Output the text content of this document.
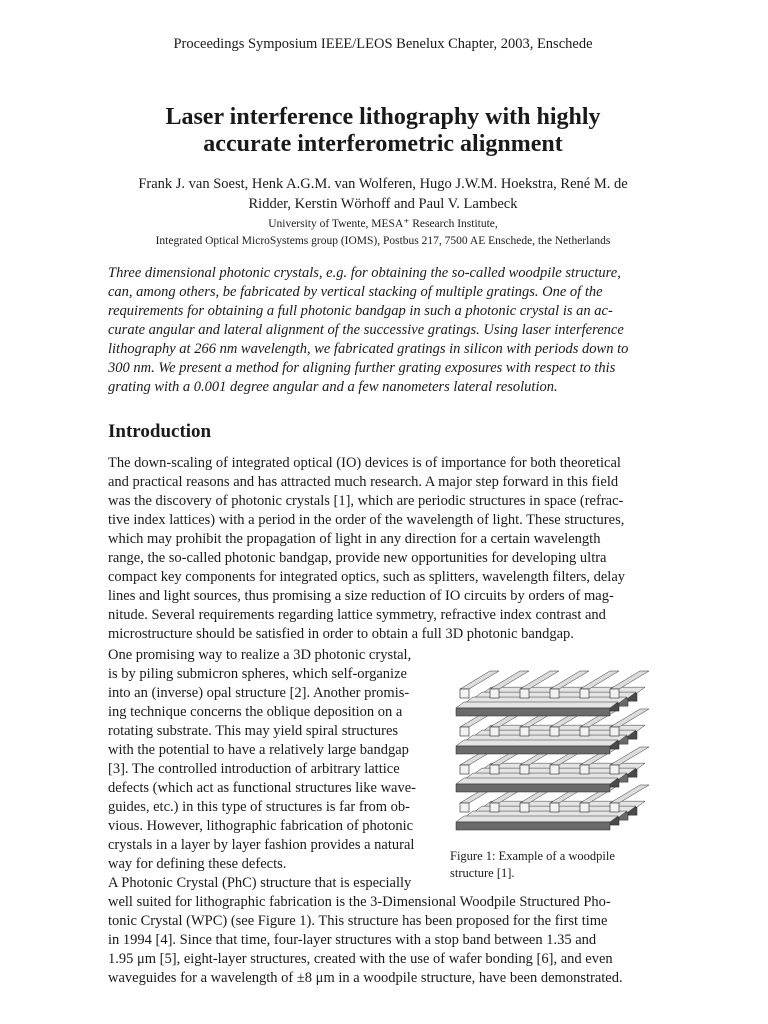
Proceedings Symposium IEEE/LEOS Benelux Chapter, 2003, Enschede
Laser interference lithography with highly
accurate interferometric alignment
Frank J. van Soest, Henk A.G.M. van Wolferen, Hugo J.W.M. Hoekstra, René M. de
Ridder, Kerstin Wörhoff and Paul V. Lambeck
University of Twente, MESA⁺ Research Institute,
Integrated Optical MicroSystems group (IOMS), Postbus 217, 7500 AE Enschede, the Netherlands
Three dimensional photonic crystals, e.g. for obtaining the so-called woodpile structure,
can, among others, be fabricated by vertical stacking of multiple gratings. One of the
requirements for obtaining a full photonic bandgap in such a photonic crystal is an ac-
curate angular and lateral alignment of the successive gratings. Using laser interference
lithography at 266 nm wavelength, we fabricated gratings in silicon with periods down to
300 nm. We present a method for aligning further grating exposures with respect to this
grating with a 0.001 degree angular and a few nanometers lateral resolution.
Introduction
The down-scaling of integrated optical (IO) devices is of importance for both theoretical
and practical reasons and has attracted much research. A major step forward in this field
was the discovery of photonic crystals [1], which are periodic structures in space (refrac-
tive index lattices) with a period in the order of the wavelength of light. These structures,
which may prohibit the propagation of light in any direction for a certain wavelength
range, the so-called photonic bandgap, provide new opportunities for developing ultra
compact key components for integrated optics, such as splitters, wavelength filters, delay
lines and light sources, thus promising a size reduction of IO circuits by orders of mag-
nitude. Several requirements regarding lattice symmetry, refractive index contrast and
microstructure should be satisfied in order to obtain a full 3D photonic bandgap.
One promising way to realize a 3D photonic crystal,
is by piling submicron spheres, which self-organize
into an (inverse) opal structure [2]. Another promis-
ing technique concerns the oblique deposition on a
rotating substrate. This may yield spiral structures
with the potential to have a relatively large bandgap
[3]. The controlled introduction of arbitrary lattice
defects (which act as functional structures like wave-
guides, etc.) in this type of structures is far from ob-
vious. However, lithographic fabrication of photonic
crystals in a layer by layer fashion provides a natural
way for defining these defects.
A Photonic Crystal (PhC) structure that is especially
well suited for lithographic fabrication is the 3-Dimensional Woodpile Structured Pho-
tonic Crystal (WPC) (see Figure 1). This structure has been proposed for the first time
in 1994 [4]. Since that time, four-layer structures with a stop band between 1.35 and
1.95 μm [5], eight-layer structures, created with the use of wafer bonding [6], and even
waveguides for a wavelength of ±8 μm in a woodpile structure, have been demonstrated.
Figure 1: Example of a woodpile
structure [1].
